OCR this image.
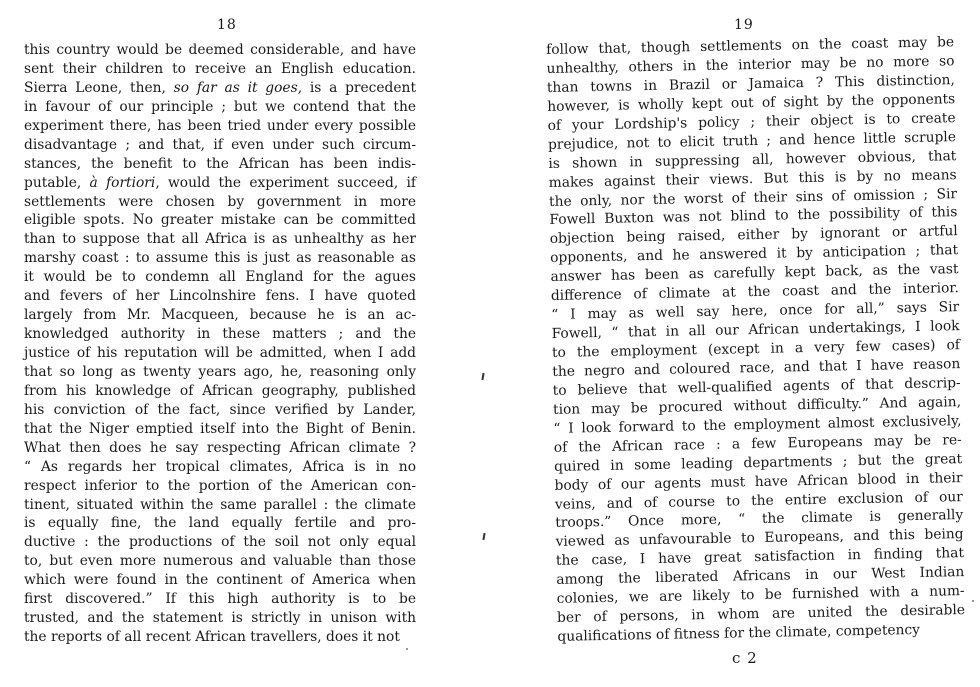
18
this country would be deemed considerable, and have
sent their children to receive an English education.
Sierra Leone, then, so far as it goes, is a precedent
in favour of our principle ; but we contend that the
experiment there, has been tried under every possible
disadvantage ; and that, if even under such circum-
stances, the benefit to the African has been indis-
putable, à fortiori, would the experiment succeed, if
settlements were chosen by government in more
eligible spots. No greater mistake can be committed
than to suppose that all Africa is as unhealthy as her
marshy coast : to assume this is just as reasonable as
it would be to condemn all England for the agues
and fevers of her Lincolnshire fens. I have quoted
largely from Mr. Macqueen, because he is an ac-
knowledged authority in these matters ; and the
justice of his reputation will be admitted, when I add
that so long as twenty years ago, he, reasoning only
from his knowledge of African geography, published
his conviction of the fact, since verified by Lander,
that the Niger emptied itself into the Bight of Benin.
What then does he say respecting African climate ?
“ As regards her tropical climates, Africa is in no
respect inferior to the portion of the American con-
tinent, situated within the same parallel : the climate
is equally fine, the land equally fertile and pro-
ductive : the productions of the soil not only equal
to, but even more numerous and valuable than those
which were found in the continent of America when
first discovered.” If this high authority is to be
trusted, and the statement is strictly in unison with
the reports of all recent African travellers, does it not
19
follow that, though settlements on the coast may be
unhealthy, others in the interior may be no more so
than towns in Brazil or Jamaica ? This distinction,
however, is wholly kept out of sight by the opponents
of your Lordship's policy ; their object is to create
prejudice, not to elicit truth ; and hence little scruple
is shown in suppressing all, however obvious, that
makes against their views. But this is by no means
the only, nor the worst of their sins of omission ; Sir
Fowell Buxton was not blind to the possibility of this
objection being raised, either by ignorant or artful
opponents, and he answered it by anticipation ; that
answer has been as carefully kept back, as the vast
difference of climate at the coast and the interior.
“ I may as well say here, once for all,” says Sir
Fowell, “ that in all our African undertakings, I look
to the employment (except in a very few cases) of
the negro and coloured race, and that I have reason
to believe that well-qualified agents of that descrip-
tion may be procured without difficulty.” And again,
“ I look forward to the employment almost exclusively,
of the African race : a few Europeans may be re-
quired in some leading departments ; but the great
body of our agents must have African blood in their
veins, and of course to the entire exclusion of our
troops.” Once more, “ the climate is generally
viewed as unfavourable to Europeans, and this being
the case, I have great satisfaction in finding that
among the liberated Africans in our West Indian
colonies, we are likely to be furnished with a num-
ber of persons, in whom are united the desirable
qualifications of fitness for the climate, competency
c 2
